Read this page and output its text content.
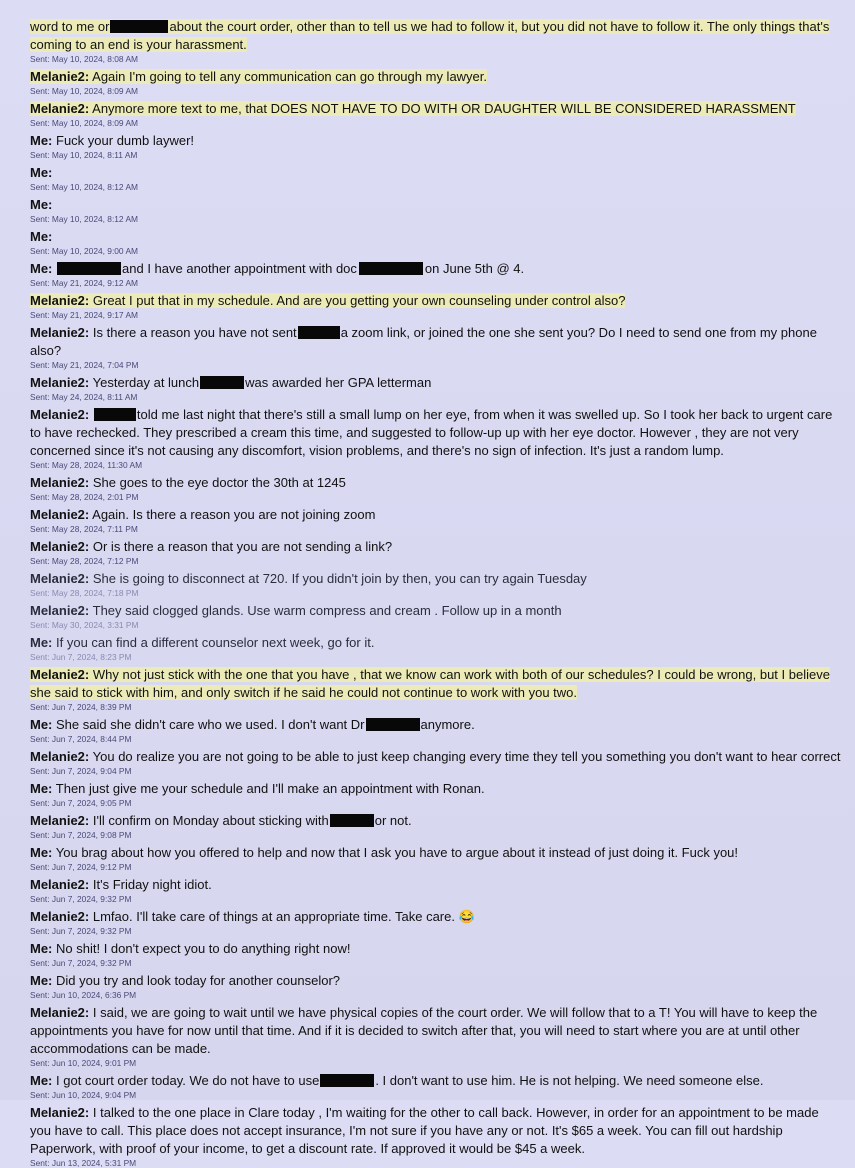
word to me or	about the court order, other than to tell us we had to follow it, but you did not have to follow it. The only things that's coming to an end is your harassment.
Sent: May 10, 2024, 8:08 AM
Melanie2: Again I'm going to tell any communication can go through my lawyer.
Sent: May 10, 2024, 8:09 AM
Melanie2: Anymore more text to me, that DOES NOT HAVE TO DO WITH OR DAUGHTER WILL BE CONSIDERED HARASSMENT
Sent: May 10, 2024, 8:09 AM
Me: Fuck your dumb laywer!
Sent: May 10, 2024, 8:11 AM
Me:
Sent: May 10, 2024, 8:12 AM
Me:
Sent: May 10, 2024, 8:12 AM
Me:
Sent: May 10, 2024, 9:00 AM
Me:	and I have another appointment with doc	on June 5th @ 4.
Sent: May 21, 2024, 9:12 AM
Melanie2: Great I put that in my schedule. And are you getting your own counseling under control also?
Sent: May 21, 2024, 9:17 AM
Melanie2: Is there a reason you have not sent	a zoom link, or joined the one she sent you? Do I need to send one from my phone also?
Sent: May 21, 2024, 7:04 PM
Melanie2: Yesterday at lunch	was awarded her GPA letterman
Sent: May 24, 2024, 8:11 AM
Melanie2:	told me last night that there's still a small lump on her eye, from when it was swelled up. So I took her back to urgent care to have rechecked. They prescribed a cream this time, and suggested to follow-up up with her eye doctor. However , they are not very concerned since it's not causing any discomfort, vision problems, and there's no sign of infection. It's just a random lump.
Sent: May 28, 2024, 11:30 AM
Melanie2: She goes to the eye doctor the 30th at 1245
Sent: May 28, 2024, 2:01 PM
Melanie2: Again. Is there a reason you are not joining zoom
Sent: May 28, 2024, 7:11 PM
Melanie2: Or is there a reason that you are not sending a link?
Sent: May 28, 2024, 7:12 PM
Melanie2: She is going to disconnect at 720. If you didn't join by then, you can try again Tuesday
Sent: May 28, 2024, 7:18 PM
Melanie2: They said clogged glands. Use warm compress and cream . Follow up in a month
Sent: May 30, 2024, 3:31 PM
Me: If you can find a different counselor next week, go for it.
Sent: Jun 7, 2024, 8:23 PM
Melanie2: Why not just stick with the one that you have , that we know can work with both of our schedules? I could be wrong, but I believe she said to stick with him, and only switch if he said he could not continue to work with you two.
Sent: Jun 7, 2024, 8:39 PM
Me: She said she didn't care who we used. I don't want Dr	anymore.
Sent: Jun 7, 2024, 8:44 PM
Melanie2: You do realize you are not going to be able to just keep changing every time they tell you something you don't want to hear correct
Sent: Jun 7, 2024, 9:04 PM
Me: Then just give me your schedule and I'll make an appointment with Ronan.
Sent: Jun 7, 2024, 9:05 PM
Melanie2: I'll confirm on Monday about sticking with	or not.
Sent: Jun 7, 2024, 9:08 PM
Me: You brag about how you offered to help and now that I ask you have to argue about it instead of just doing it. Fuck you!
Sent: Jun 7, 2024, 9:12 PM
Melanie2: It's Friday night idiot.
Sent: Jun 7, 2024, 9:32 PM
Melanie2: Lmfao. I'll take care of things at an appropriate time. Take care. 😂
Sent: Jun 7, 2024, 9:32 PM
Me: No shit! I don't expect you to do anything right now!
Sent: Jun 7, 2024, 9:32 PM
Me: Did you try and look today for another counselor?
Sent: Jun 10, 2024, 6:36 PM
Melanie2: I said, we are going to wait until we have physical copies of the court order. We will follow that to a T! You will have to keep the appointments you have for now until that time. And if it is decided to switch after that, you will need to start where you are at until other accommodations can be made.
Sent: Jun 10, 2024, 9:01 PM
Me: I got court order today. We do not have to use	. I don't want to use him. He is not helping. We need someone else.
Sent: Jun 10, 2024, 9:04 PM
Melanie2: I talked to the one place in Clare today , I'm waiting for the other to call back. However, in order for an appointment to be made you have to call. This place does not accept insurance, I'm not sure if you have any or not. It's $65 a week. You can fill out hardship Paperwork, with proof of your income, to get a discount rate. If approved it would be $45 a week.
Sent: Jun 13, 2024, 5:31 PM
